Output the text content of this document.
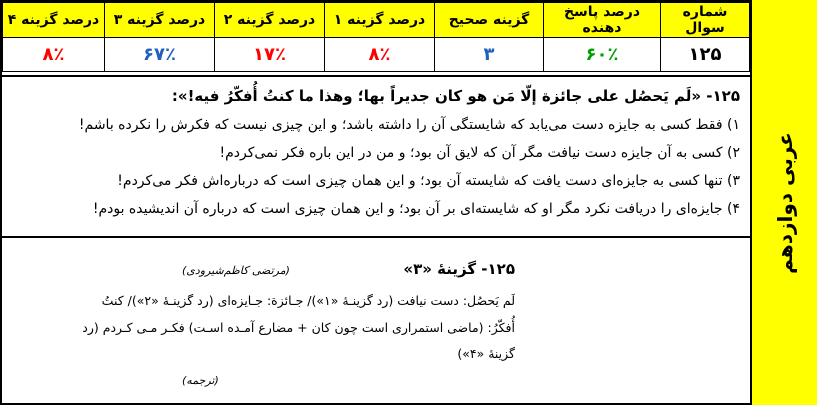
عربی دوازدهم
شماره سوال	درصد پاسخ دهنده	گزینه صحیح	درصد گزینه ۱	درصد گزینه ۲	درصد گزینه ۳	درصد گزینه ۴
۱۲۵	۶۰٪	۳	۸٪	۱۷٪	۶۷٪	۸٪
۱۲۵- «لَم یَحصُل علی جائزة إلّا مَن هو کان جدیراً بها؛ وهذا ما کنتُ أُفکّرُ فیه!»:
۱) فقط کسی به جایزه دست می‌یابد که شایستگی آن را داشته باشد؛ و این چیزی نیست که فکرش را نکرده باشم!
۲) کسی به آن جایزه دست نیافت مگر آن که لایق آن بود؛ و من در این باره فکر نمی‌کردم!
۳) تنها کسی به جایزه‌ای دست یافت که شایسته آن بود؛ و این همان چیزی است که درباره‌اش فکر می‌کردم!
۴) جایزه‌ای را دریافت نکرد مگر او که شایسته‌ای بر آن بود؛ و این همان چیزی است که درباره آن اندیشیده بودم!
۱۲۵- گزینهٔ «۳»
(مرتضی کاظم‌شیرودی)
لَم یَحصُل: دست نیافت (رد گزینـهٔ «۱»)/ جـائزة: جـایزه‌ای (رد گزینـهٔ «۲»)/ کنتُ
أُفکّرُ: (ماضی استمراری است چون کان + مضارع آمـده اسـت) فکـر مـی کـردم (رد
گزینهٔ «۴»)
(ترجمه)
